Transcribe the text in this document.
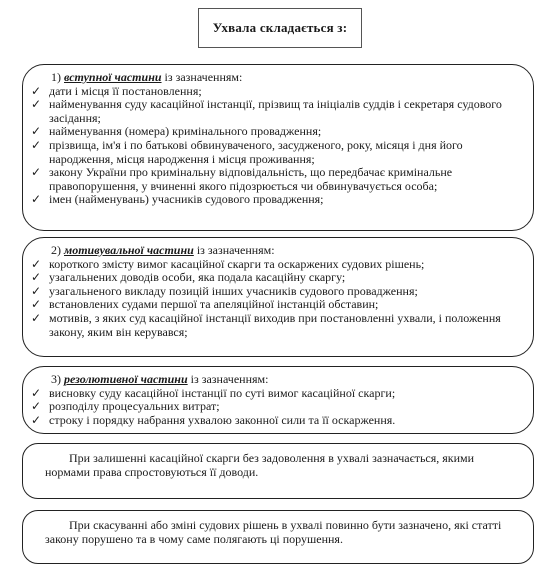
Ухвала складається з:
1) вступної частини із зазначенням:
✓ дати і місця її постановлення;
✓ найменування суду касаційної інстанції, прізвищ та ініціалів суддів і секретаря судового засідання;
✓ найменування (номера) кримінального провадження;
✓ прізвища, ім'я і по батькові обвинуваченого, засудженого, року, місяця і дня його народження, місця народження і місця проживання;
✓ закону України про кримінальну відповідальність, що передбачає кримінальне правопорушення, у вчиненні якого підозрюється чи обвинувачується особа;
✓ імен (найменувань) учасників судового провадження;
2) мотивувальної частини із зазначенням:
✓ короткого змісту вимог касаційної скарги та оскаржених судових рішень;
✓ узагальнених доводів особи, яка подала касаційну скаргу;
✓ узагальненого викладу позицій інших учасників судового провадження;
✓ встановлених судами першої та апеляційної інстанцій обставин;
✓ мотивів, з яких суд касаційної інстанції виходив при постановленні ухвали, і положення закону, яким він керувався;
3) резолютивної частини із зазначенням:
✓ висновку суду касаційної інстанції по суті вимог касаційної скарги;
✓ розподілу процесуальних витрат;
✓ строку і порядку набрання ухвалою законної сили та її оскарження.
При залишенні касаційної скарги без задоволення в ухвалі зазначається, якими нормами права спростовуються її доводи.
При скасуванні або зміні судових рішень в ухвалі повинно бути зазначено, які статті закону порушено та в чому саме полягають ці порушення.
